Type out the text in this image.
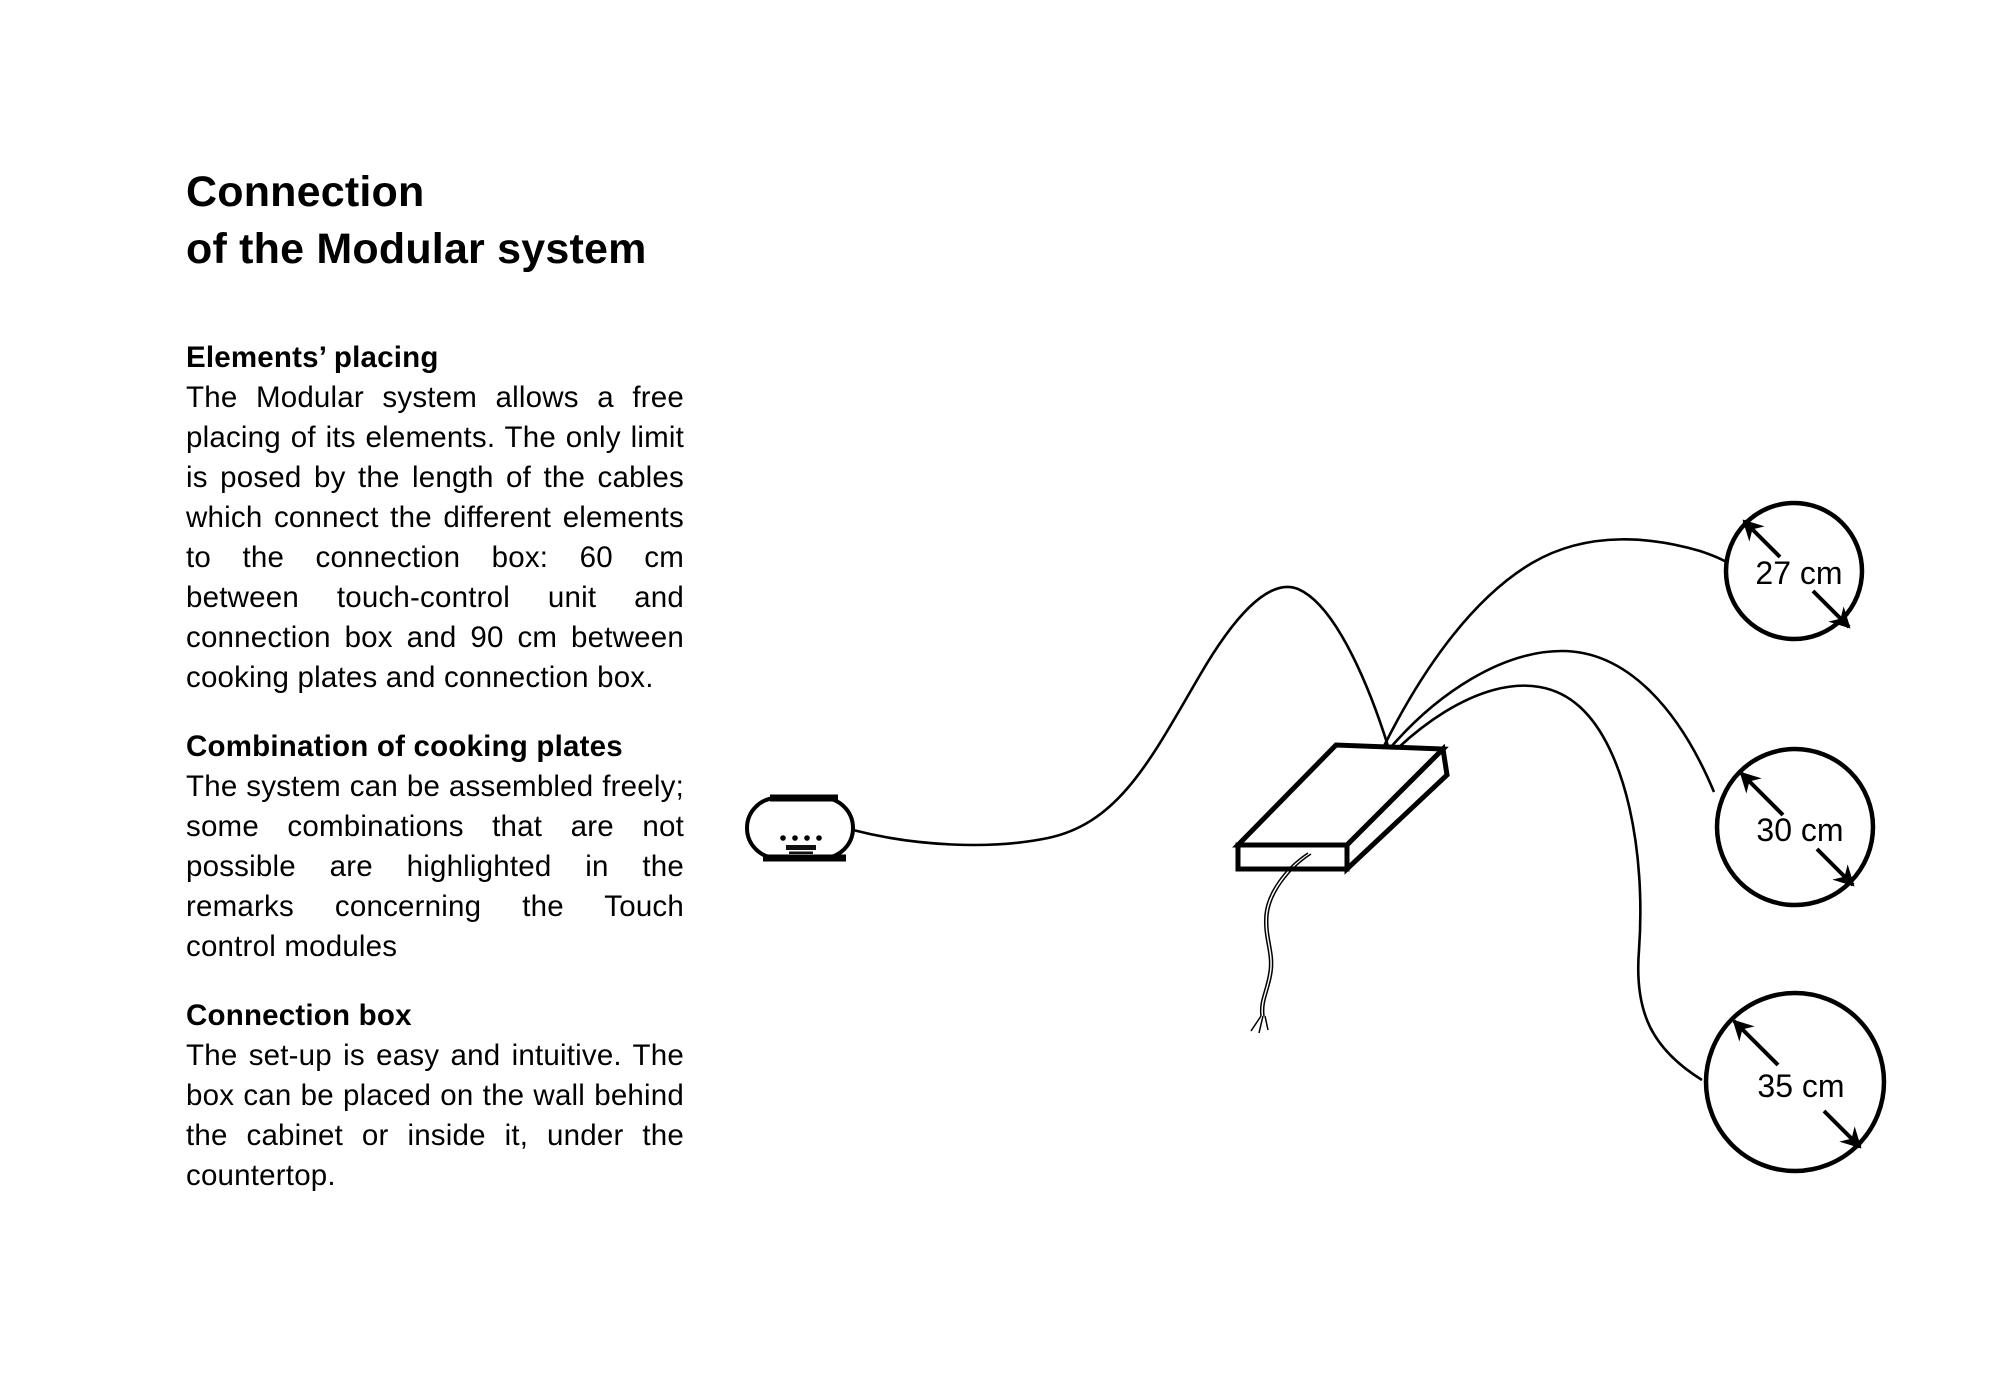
Connection
of the Modular system
Elements’ placing

The Modular system allows a free placing of its elements. The only limit is posed by the length of the cables which connect the different elements to the connection box: 60 cm between touch-control unit and connection box and 90 cm between cooking plates and connection box.

Combination of cooking plates

The system can be assembled freely; some combinations that are not possible are highlighted in the remarks concerning the Touch control modules

Connection box

The set-up is easy and intuitive. The box can be placed on the wall behind the cabinet or inside it, under the countertop.

27 cm
30 cm
35 cm
